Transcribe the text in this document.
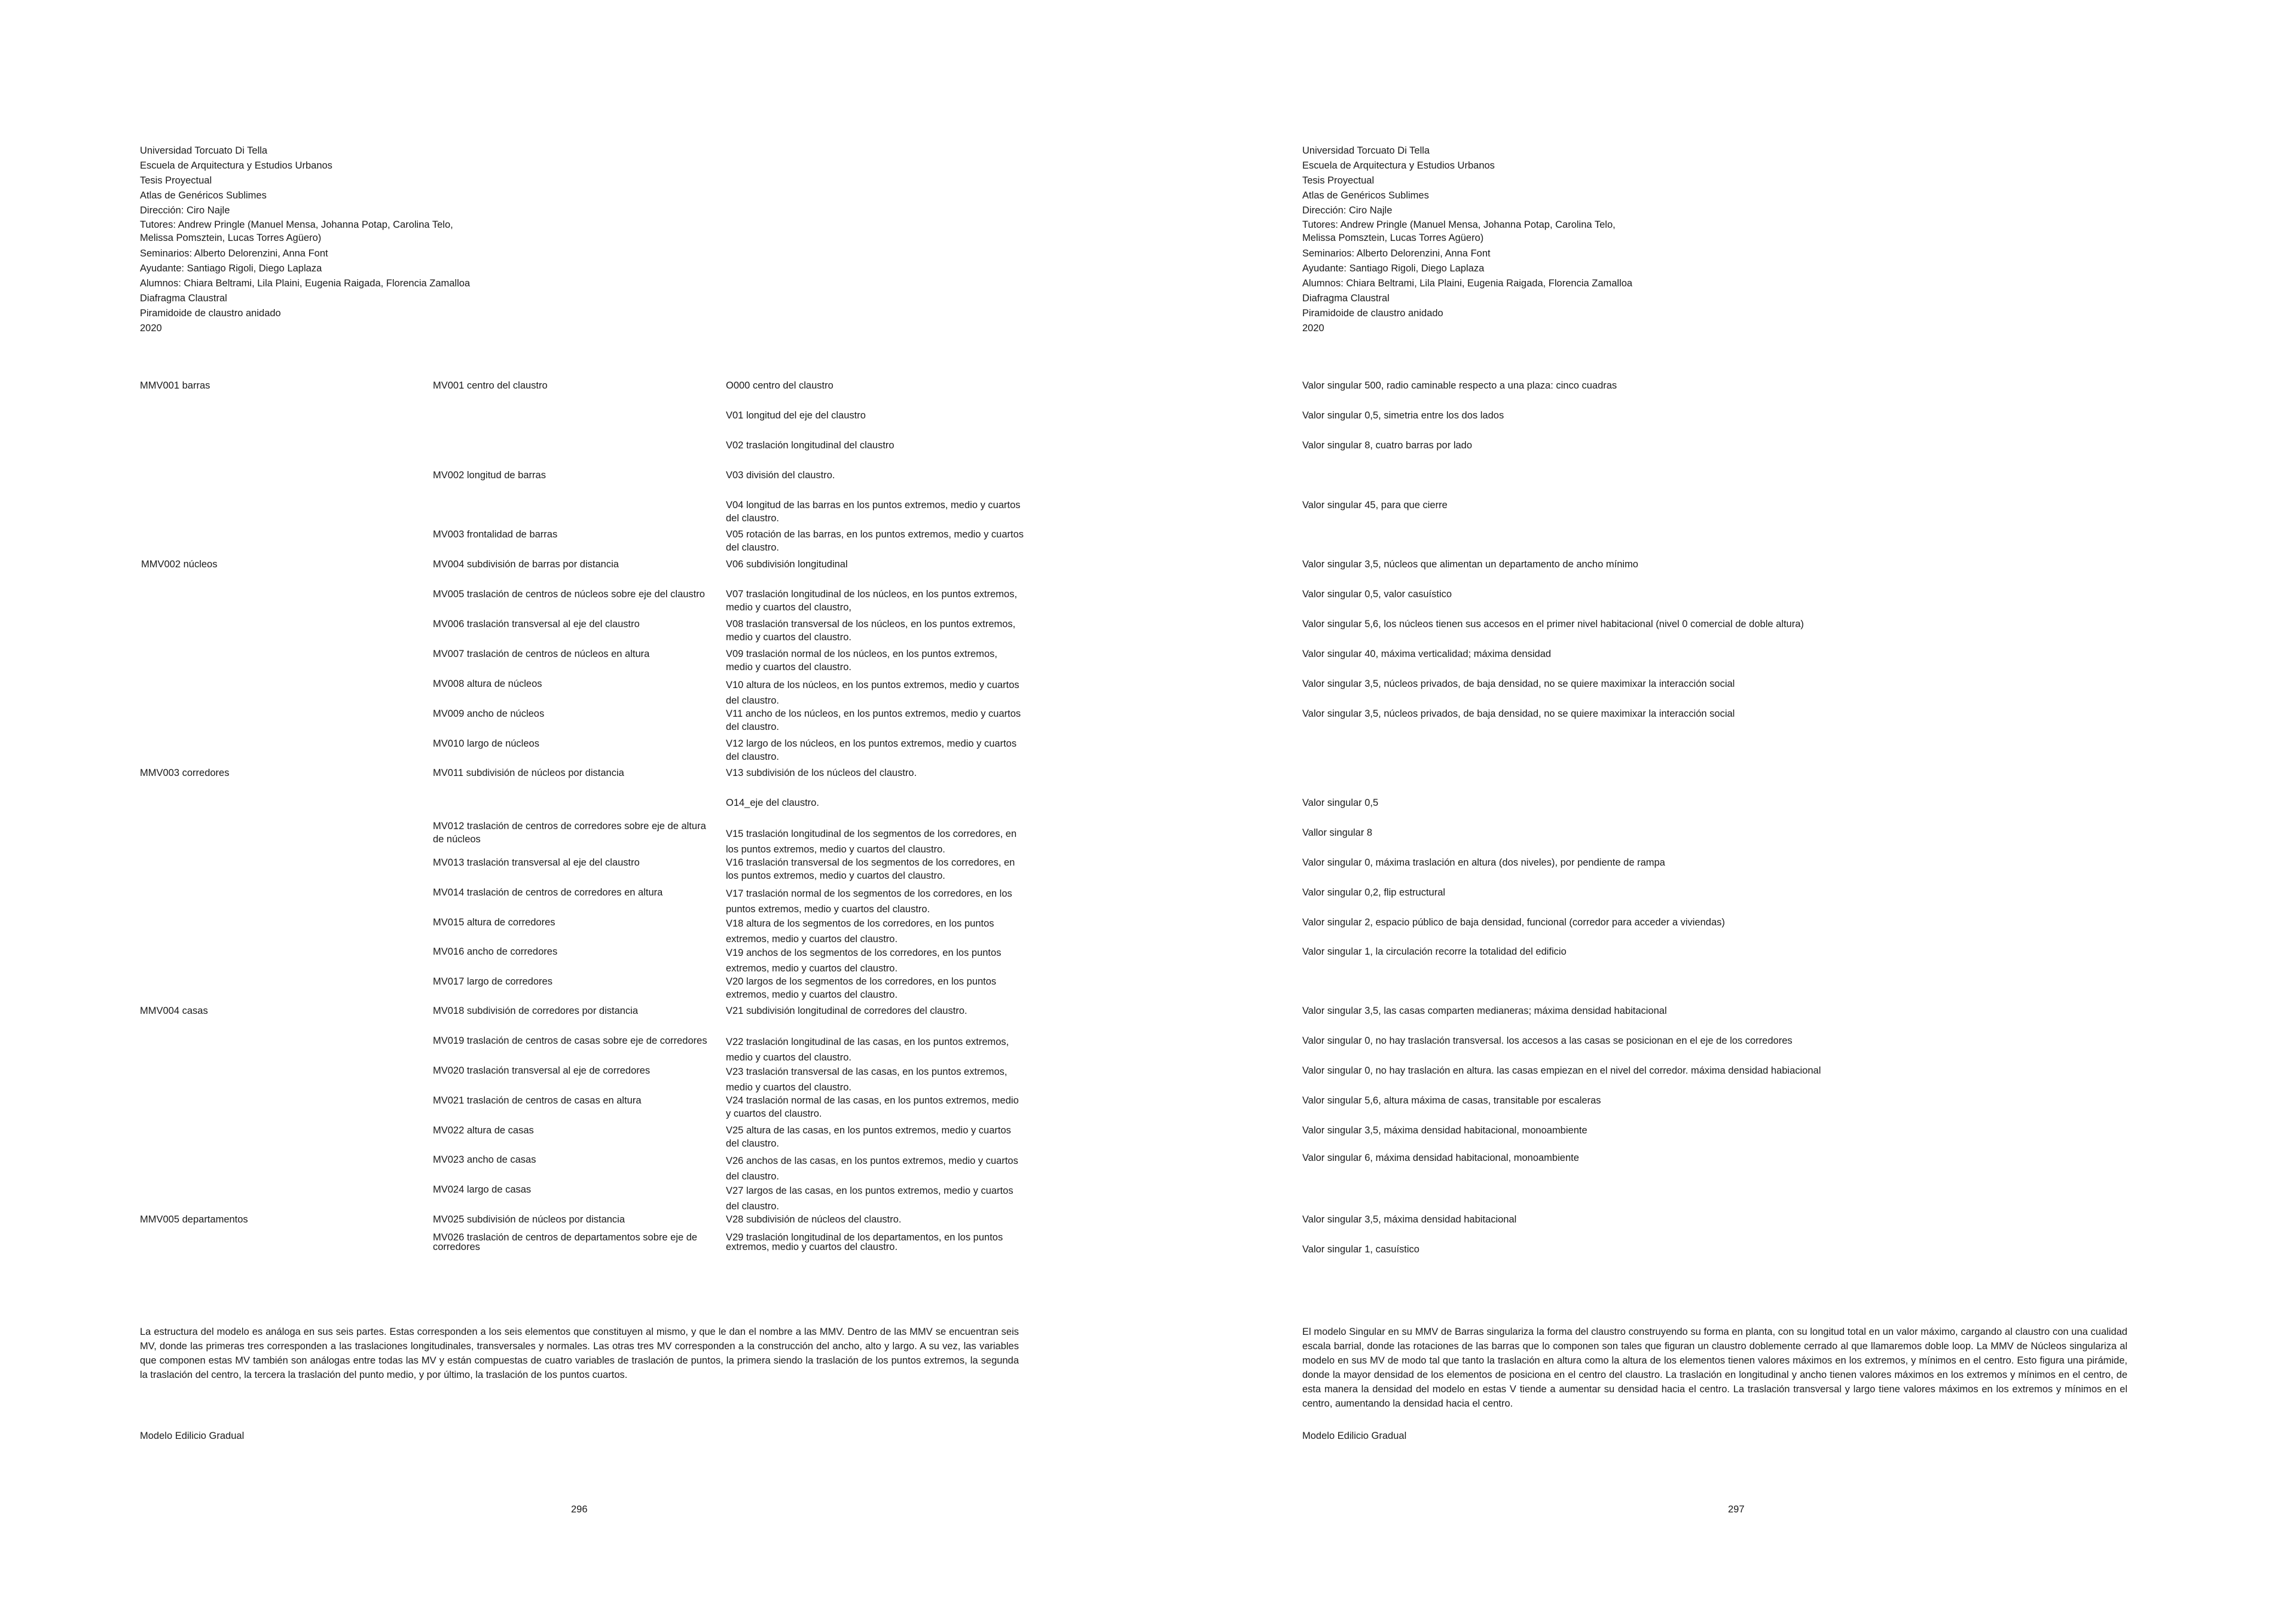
Universidad Torcuato Di Tella
Escuela de Arquitectura y Estudios Urbanos
Tesis Proyectual
Atlas de Genéricos Sublimes
Dirección: Ciro Najle
Tutores: Andrew Pringle (Manuel Mensa, Johanna Potap, Carolina Telo,
Melissa Pomsztein, Lucas Torres Agüero)
Seminarios: Alberto Delorenzini, Anna Font
Ayudante: Santiago Rigoli, Diego Laplaza
Alumnos: Chiara Beltrami, Lila Plaini, Eugenia Raigada, Florencia Zamalloa
Diafragma Claustral
Piramidoide de claustro anidado
2020
MMV001 barras
MMV002 núcleos
MMV003 corredores
MMV004 casas
MMV005 departamentos
MV001 centro del claustro
MV002 longitud de barras
MV003 frontalidad de barras
MV004 subdivisión de barras por distancia
MV005 traslación de centros de núcleos sobre eje del claustro
MV006 traslación transversal al eje del claustro
MV007 traslación de centros de núcleos en altura
MV008 altura de núcleos
MV009 ancho de núcleos
MV010 largo de núcleos
MV011 subdivisión de núcleos por distancia
MV012 traslación de centros de corredores sobre eje de altura de núcleos
MV013 traslación transversal al eje del claustro
MV014 traslación de centros de corredores en altura
MV015 altura de corredores
MV016 ancho de corredores
MV017 largo de corredores
MV018 subdivisión de corredores por distancia
MV019 traslación de centros de casas sobre eje de corredores
MV020 traslación transversal al eje de corredores
MV021 traslación de centros de casas en altura
MV022 altura de casas
MV023 ancho de casas
MV024 largo de casas
MV025 subdivisión de núcleos por distancia
MV026 traslación de centros de departamentos sobre eje de corredores
O000 centro del claustro
V01 longitud del eje del claustro
V02 traslación longitudinal del claustro
V03 división del claustro.
V04 longitud de las barras en los puntos extremos, medio y cuartos del claustro.
V05 rotación de las barras, en los puntos extremos, medio y cuartos del claustro.
V06 subdivisión longitudinal
V07 traslación longitudinal de los núcleos, en los puntos extremos, medio y cuartos del claustro,
V08 traslación transversal de los núcleos, en los puntos extremos, medio y cuartos del claustro.
V09 traslación normal de los núcleos, en los puntos extremos, medio y cuartos del claustro.
V10 altura de los núcleos, en los puntos extremos, medio y cuartos del claustro.
V11 ancho de los núcleos, en los puntos extremos, medio y cuartos del claustro.
V12 largo de los núcleos, en los puntos extremos, medio y cuartos del claustro.
V13 subdivisión de los núcleos del claustro.
O14_eje del claustro.
V15 traslación longitudinal de los segmentos de los corredores, en los puntos extremos, medio y cuartos del claustro.
V16 traslación transversal de los segmentos de los corredores, en los puntos extremos, medio y cuartos del claustro.
V17 traslación normal de los segmentos de los corredores, en los puntos extremos, medio y cuartos del claustro.
V18 altura de los segmentos de los corredores, en los puntos extremos, medio y cuartos del claustro.
V19 anchos de los segmentos de los corredores, en los puntos extremos, medio y cuartos del claustro.
V20 largos de los segmentos de los corredores, en los puntos extremos, medio y cuartos del claustro.
V21 subdivisión longitudinal de corredores del claustro.
V22 traslación longitudinal de las casas, en los puntos extremos, medio y cuartos del claustro.
V23 traslación transversal de las casas, en los puntos extremos, medio y cuartos del claustro.
V24 traslación normal de las casas, en los puntos extremos, medio y cuartos del claustro.
V25 altura de las casas, en los puntos extremos, medio y cuartos del claustro.
V26 anchos de las casas, en los puntos extremos, medio y cuartos del claustro.
V27 largos de las casas, en los puntos extremos, medio y cuartos del claustro.
V28 subdivisión de núcleos del claustro.
V29 traslación longitudinal de los departamentos, en los puntos extremos, medio y cuartos del claustro.
La estructura del modelo es análoga en sus seis partes. Estas corresponden a los seis elementos que constituyen al mismo, y que le dan el nombre a las MMV. Dentro de las MMV se encuentran seis MV, donde las primeras tres corresponden a las traslaciones longitudinales, transversales y normales. Las otras tres MV corresponden a la construcción del ancho, alto y largo. A su vez, las variables que componen estas MV también son análogas entre todas las MV y están compuestas de cuatro variables de traslación de puntos, la primera siendo la traslación de los puntos extremos, la segunda la traslación del centro, la tercera la traslación del punto medio, y por último, la traslación de los puntos cuartos.
Modelo Edilicio Gradual
296
Universidad Torcuato Di Tella
Escuela de Arquitectura y Estudios Urbanos
Tesis Proyectual
Atlas de Genéricos Sublimes
Dirección: Ciro Najle
Tutores: Andrew Pringle (Manuel Mensa, Johanna Potap, Carolina Telo,
Melissa Pomsztein, Lucas Torres Agüero)
Seminarios: Alberto Delorenzini, Anna Font
Ayudante: Santiago Rigoli, Diego Laplaza
Alumnos: Chiara Beltrami, Lila Plaini, Eugenia Raigada, Florencia Zamalloa
Diafragma Claustral
Piramidoide de claustro anidado
2020
Valor singular 500, radio caminable respecto a una plaza: cinco cuadras
Valor singular 0,5, simetria entre los dos lados
Valor singular 8, cuatro barras por lado
Valor singular 45, para que cierre
Valor singular 3,5, núcleos que alimentan un departamento de ancho mínimo
Valor singular 0,5, valor casuístico
Valor singular 5,6, los núcleos tienen sus accesos en el primer nivel habitacional (nivel 0 comercial de doble altura)
Valor singular 40, máxima verticalidad; máxima densidad
Valor singular 3,5, núcleos privados, de baja densidad, no se quiere maximixar la interacción social
Valor singular 3,5, núcleos privados, de baja densidad, no se quiere maximixar la interacción social
Valor singular 0,5
Vallor singular 8
Valor singular 0, máxima traslación en altura (dos niveles), por pendiente de rampa
Valor singular 0,2, flip estructural
Valor singular 2, espacio público de baja densidad, funcional (corredor para acceder a viviendas)
Valor singular 1, la circulación recorre la totalidad del edificio
Valor singular 3,5, las casas comparten medianeras; máxima densidad habitacional
Valor singular 0, no hay traslación transversal. los accesos a las casas se posicionan en el eje de los corredores
Valor singular 0, no hay traslación en altura. las casas empiezan en el nivel del corredor. máxima densidad habiacional
Valor singular 5,6, altura máxima de casas, transitable por escaleras
Valor singular 3,5, máxima densidad habitacional, monoambiente
Valor singular 6, máxima densidad habitacional, monoambiente
Valor singular 3,5, máxima densidad habitacional
Valor singular 1, casuístico
El modelo Singular en su MMV de Barras singulariza la forma del claustro construyendo su forma en planta, con su longitud total en un valor máximo, cargando al claustro con una cualidad escala barrial, donde las rotaciones de las barras que lo componen son tales que figuran un claustro doblemente cerrado al que llamaremos doble loop. La MMV de Núcleos singulariza al modelo en sus MV de modo tal que tanto la traslación en altura como la altura de los elementos tienen valores máximos en los extremos, y mínimos en el centro. Esto figura una pirámide, donde la mayor densidad de los elementos de posiciona en el centro del claustro. La traslación en longitudinal y ancho tienen valores máximos en los extremos y mínimos en el centro, de esta manera la densidad del modelo en estas V tiende a aumentar su densidad hacia el centro. La traslación transversal y largo tiene valores máximos en los extremos y mínimos en el centro, aumentando la densidad hacia el centro.
Modelo Edilicio Gradual
297
